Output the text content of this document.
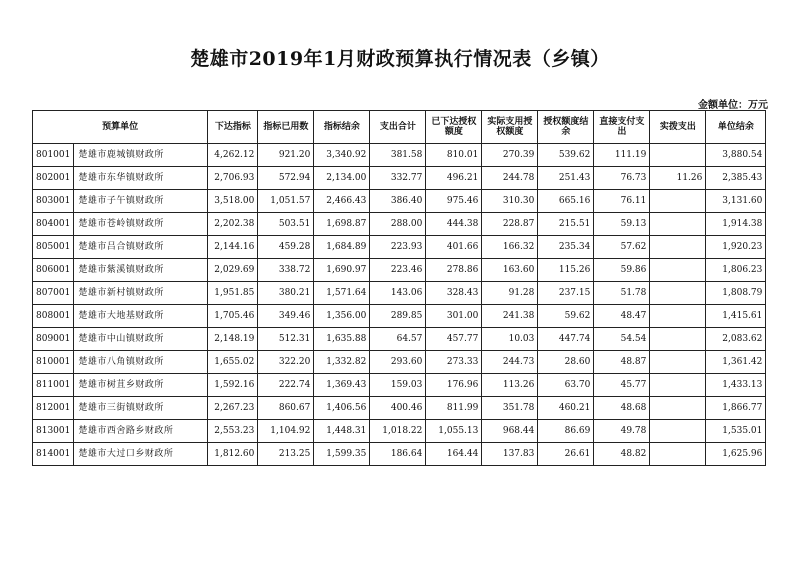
楚雄市2019年1月财政预算执行情况表（乡镇）
金额单位：万元
预算单位		下达指标	指标已用数	指标结余	支出合计	已下达授权额度	实际支用授权额度	授权额度结余	直接支付支出	实拨支出	单位结余
801001	楚雄市鹿城镇财政所	4,262.12	921.20	3,340.92	381.58	810.01	270.39	539.62	111.19		3,880.54
802001	楚雄市东华镇财政所	2,706.93	572.94	2,134.00	332.77	496.21	244.78	251.43	76.73	11.26	2,385.43
803001	楚雄市子午镇财政所	3,518.00	1,051.57	2,466.43	386.40	975.46	310.30	665.16	76.11		3,131.60
804001	楚雄市苍岭镇财政所	2,202.38	503.51	1,698.87	288.00	444.38	228.87	215.51	59.13		1,914.38
805001	楚雄市吕合镇财政所	2,144.16	459.28	1,684.89	223.93	401.66	166.32	235.34	57.62		1,920.23
806001	楚雄市紫溪镇财政所	2,029.69	338.72	1,690.97	223.46	278.86	163.60	115.26	59.86		1,806.23
807001	楚雄市新村镇财政所	1,951.85	380.21	1,571.64	143.06	328.43	91.28	237.15	51.78		1,808.79
808001	楚雄市大地基财政所	1,705.46	349.46	1,356.00	289.85	301.00	241.38	59.62	48.47		1,415.61
809001	楚雄市中山镇财政所	2,148.19	512.31	1,635.88	64.57	457.77	10.03	447.74	54.54		2,083.62
810001	楚雄市八角镇财政所	1,655.02	322.20	1,332.82	293.60	273.33	244.73	28.60	48.87		1,361.42
811001	楚雄市树苴乡财政所	1,592.16	222.74	1,369.43	159.03	176.96	113.26	63.70	45.77		1,433.13
812001	楚雄市三街镇财政所	2,267.23	860.67	1,406.56	400.46	811.99	351.78	460.21	48.68		1,866.77
813001	楚雄市西舍路乡财政所	2,553.23	1,104.92	1,448.31	1,018.22	1,055.13	968.44	86.69	49.78		1,535.01
814001	楚雄市大过口乡财政所	1,812.60	213.25	1,599.35	186.64	164.44	137.83	26.61	48.82		1,625.96
